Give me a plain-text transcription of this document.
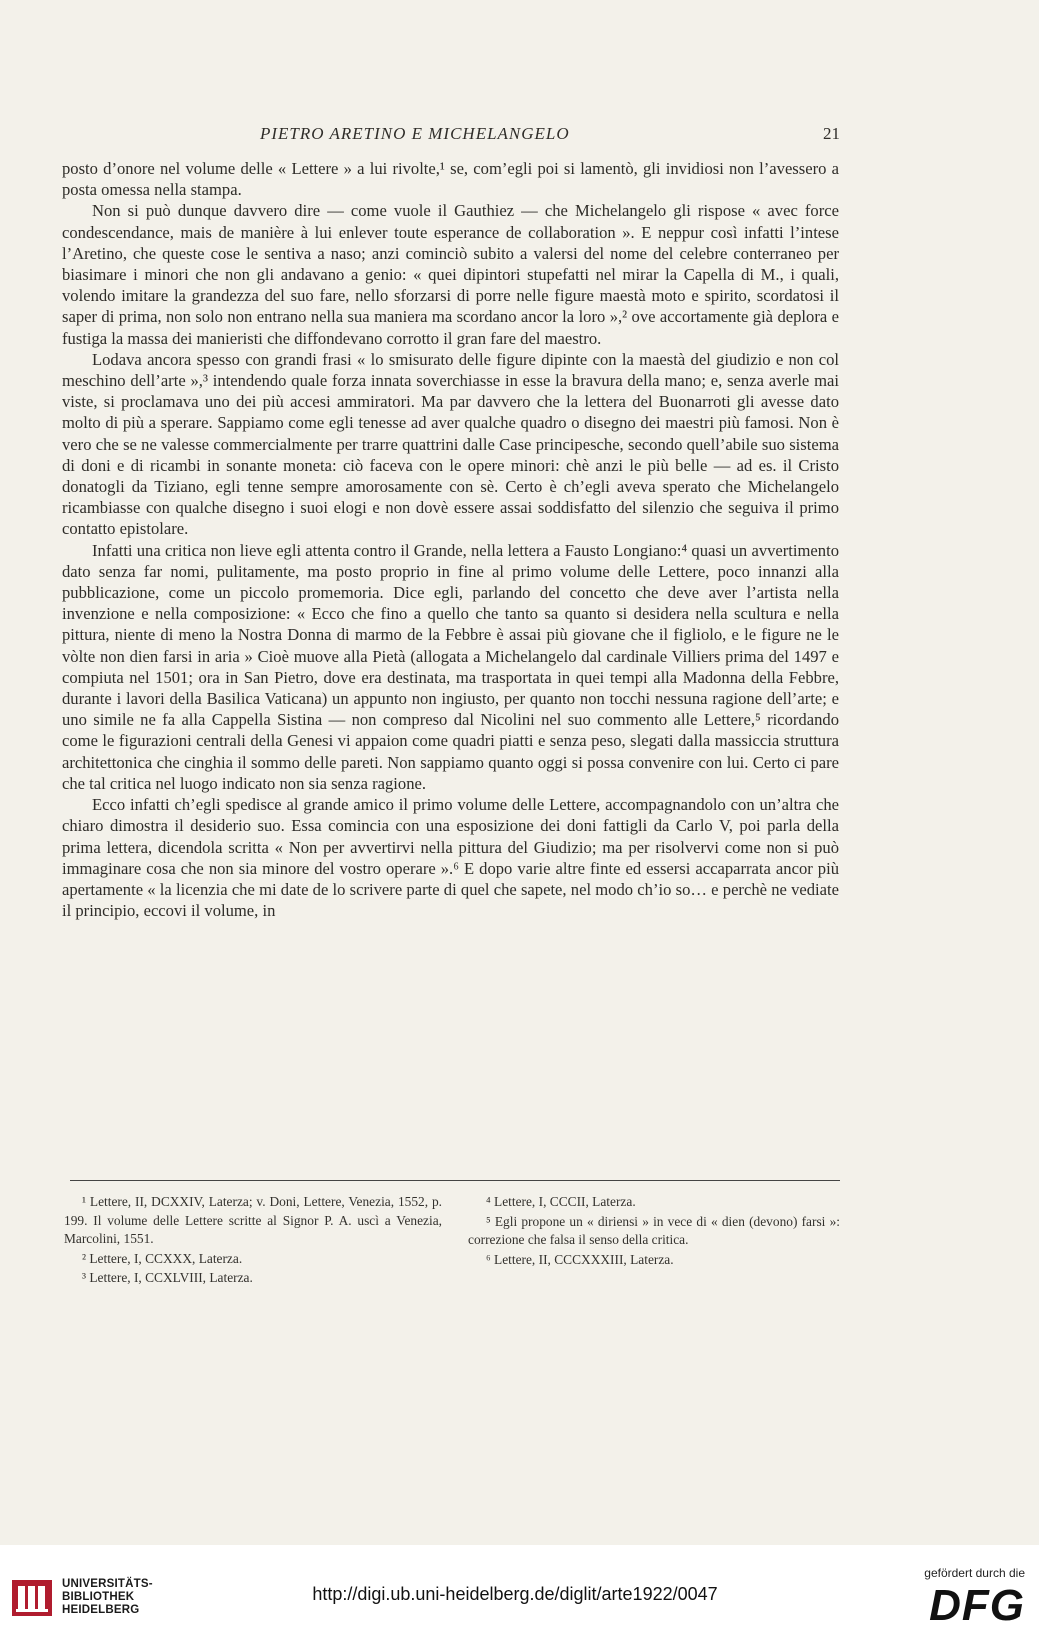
PIETRO ARETINO E MICHELANGELO	21

posto d’onore nel volume delle « Lettere » a lui rivolte,¹ se, com’egli poi si lamentò, gli invidiosi non l’avessero a posta omessa nella stampa.

Non si può dunque davvero dire — come vuole il Gauthiez — che Michelangelo gli rispose « avec force condescendance, mais de manière à lui enlever toute esperance de collaboration ». E neppur così infatti l’intese l’Aretino, che queste cose le sentiva a naso; anzi cominciò subito a valersi del nome del celebre conterraneo per biasimare i minori che non gli andavano a genio: « quei dipintori stupefatti nel mirar la Capella di M., i quali, volendo imitare la grandezza del suo fare, nello sforzarsi di porre nelle figure maestà moto e spirito, scordatosi il saper di prima, non solo non entrano nella sua maniera ma scordano ancor la loro »,² ove accortamente già deplora e fustiga la massa dei manieristi che diffondevano corrotto il gran fare del maestro.

Lodava ancora spesso con grandi frasi « lo smisurato delle figure dipinte con la maestà del giudizio e non col meschino dell’arte »,³ intendendo quale forza innata soverchiasse in esse la bravura della mano; e, senza averle mai viste, si proclamava uno dei più accesi ammiratori. Ma par davvero che la lettera del Buonarroti gli avesse dato molto di più a sperare. Sappiamo come egli tenesse ad aver qualche quadro o disegno dei maestri più famosi. Non è vero che se ne valesse commercialmente per trarre quattrini dalle Case principesche, secondo quell’abile suo sistema di doni e di ricambi in sonante moneta: ciò faceva con le opere minori: chè anzi le più belle — ad es. il Cristo donatogli da Tiziano, egli tenne sempre amorosamente con sè. Certo è ch’egli aveva sperato che Michelangelo ricambiasse con qualche disegno i suoi elogi e non dovè essere assai soddisfatto del silenzio che seguiva il primo contatto epistolare.

Infatti una critica non lieve egli attenta contro il Grande, nella lettera a Fausto Longiano:⁴ quasi un avvertimento dato senza far nomi, pulitamente, ma posto proprio in fine al primo volume delle Lettere, poco innanzi alla pubblicazione, come un piccolo promemoria. Dice egli, parlando del concetto che deve aver l’artista nella invenzione e nella composizione: « Ecco che fino a quello che tanto sa quanto si desidera nella scultura e nella pittura, niente di meno la Nostra Donna di marmo de la Febbre è assai più giovane che il figliolo, e le figure ne le vòlte non dien farsi in aria » Cioè muove alla Pietà (allogata a Michelangelo dal cardinale Villiers prima del 1497 e compiuta nel 1501; ora in San Pietro, dove era destinata, ma trasportata in quei tempi alla Madonna della Febbre, durante i lavori della Basilica Vaticana) un appunto non ingiusto, per quanto non tocchi nessuna ragione dell’arte; e uno simile ne fa alla Cappella Sistina — non compreso dal Nicolini nel suo commento alle Lettere,⁵ ricordando come le figurazioni centrali della Genesi vi appaion come quadri piatti e senza peso, slegati dalla massiccia struttura architettonica che cinghia il sommo delle pareti. Non sappiamo quanto oggi si possa convenire con lui. Certo ci pare che tal critica nel luogo indicato non sia senza ragione.

Ecco infatti ch’egli spedisce al grande amico il primo volume delle Lettere, accompagnandolo con un’altra che chiaro dimostra il desiderio suo. Essa comincia con una esposizione dei doni fattigli da Carlo V, poi parla della prima lettera, dicendola scritta « Non per avvertirvi nella pittura del Giudizio; ma per risolvervi come non si può immaginare cosa che non sia minore del vostro operare ».⁶ E dopo varie altre finte ed essersi accaparrata ancor più apertamente « la licenzia che mi date de lo scrivere parte di quel che sapete, nel modo ch’io so… e perchè ne vediate il principio, eccovi il volume, in

¹ Lettere, II, DCXXIV, Laterza; v. Doni, Lettere, Venezia, 1552, p. 199. Il volume delle Lettere scritte al Signor P. A. uscì a Venezia, Marcolini, 1551.

² Lettere, I, CCXXX, Laterza.

³ Lettere, I, CCXLVIII, Laterza.

⁴ Lettere, I, CCCII, Laterza.

⁵ Egli propone un « diriensi » in vece di « dien (devono) farsi »: correzione che falsa il senso della critica.

⁶ Lettere, II, CCCXXXIII, Laterza.

UNIVERSITÄTS-
BIBLIOTHEK
HEIDELBERG
http://digi.ub.uni-heidelberg.de/diglit/arte1922/0047
gefördert durch die
DFG
